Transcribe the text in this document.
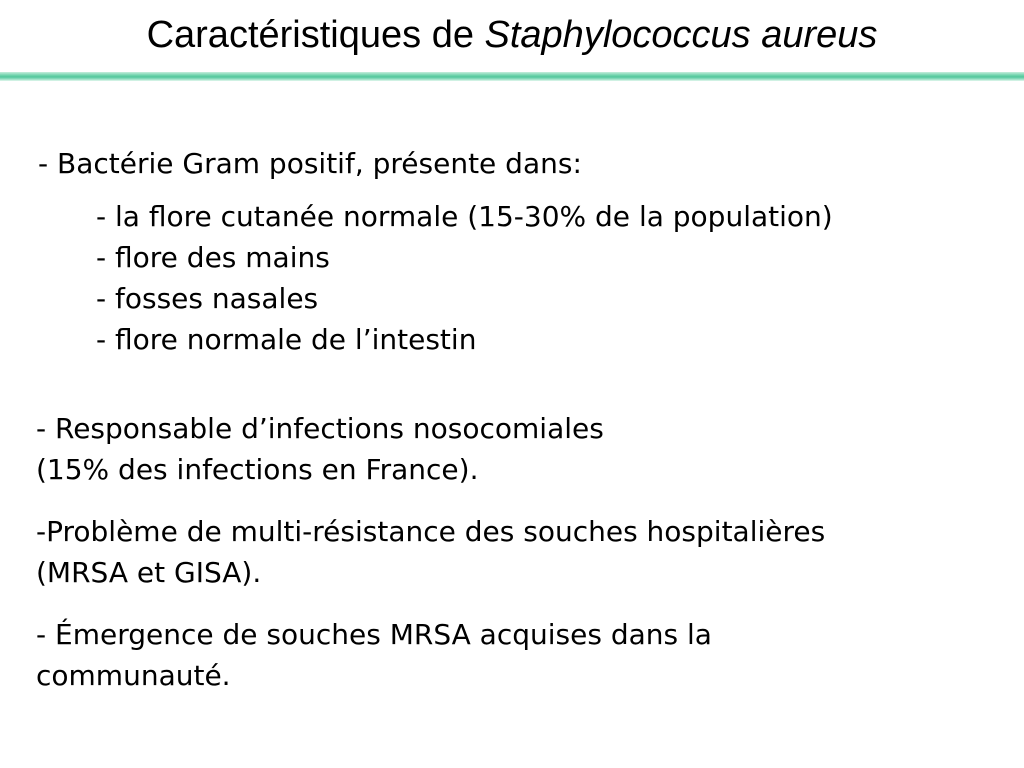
Caractéristiques de Staphylococcus aureus
- Bactérie Gram positif, présente dans:
- la flore cutanée normale (15-30% de la population)
- flore des mains
- fosses nasales
- flore normale de l’intestin
- Responsable d’infections nosocomiales
(15% des infections en France).
-Problème de multi-résistance des souches hospitalières
(MRSA et GISA).
- Émergence de souches MRSA acquises dans la
communauté.
